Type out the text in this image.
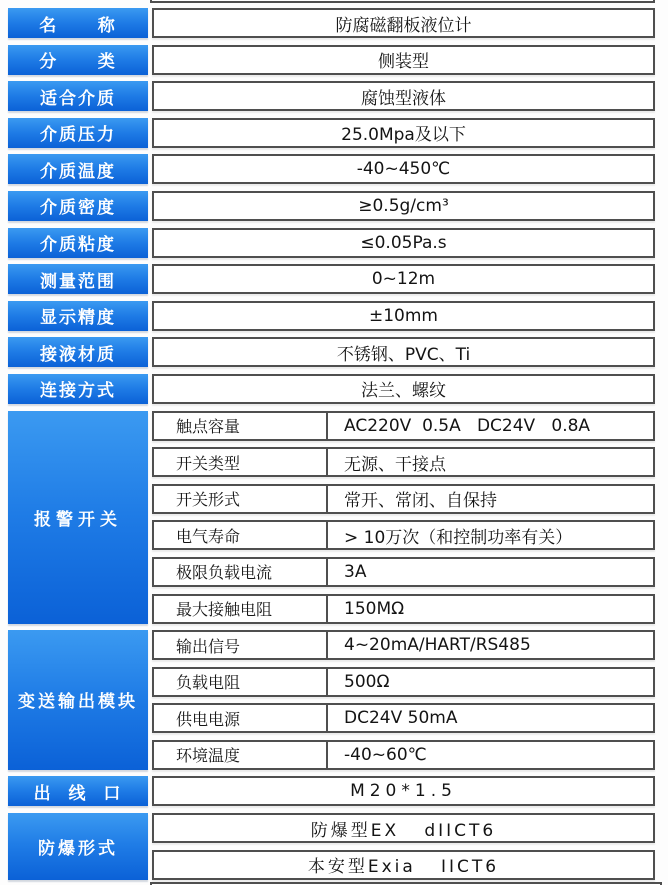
名     称	防腐磁翻板液位计
分     类	侧装型
适合介质	腐蚀型液体
介质压力	25.0Mpa及以下
介质温度	-40~450℃
介质密度	≥0.5g/cm³
介质粘度	≤0.05Pa.s
测量范围	0~12m
显示精度	±10mm
接液材质	不锈钢、PVC、Ti
连接方式	法兰、螺纹
报警开关
触点容量	AC220V  0.5A   DC24V   0.8A
开关类型	无源、干接点
开关形式	常开、常闭、自保持
电气寿命	> 10万次（和控制功率有关）
极限负载电流	3A
最大接触电阻	150MΩ
变送输出模块
输出信号	4~20mA/HART/RS485
负载电阻	500Ω
供电电源	DC24V 50mA
环境温度	-40~60℃
出  线  口	M20*1.5
防爆形式
防爆型EX   dIICT6
本安型Exia   IICT6
